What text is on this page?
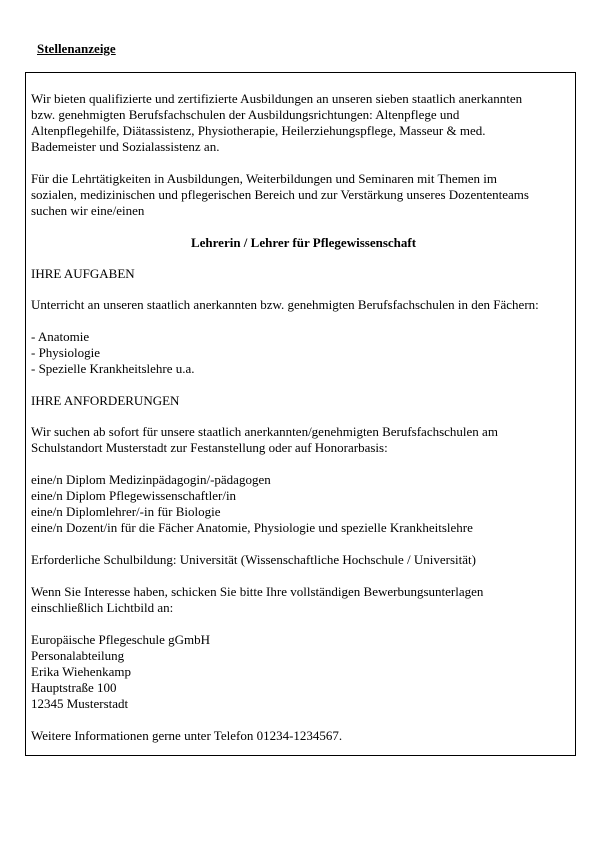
Stellenanzeige
Wir bieten qualifizierte und zertifizierte Ausbildungen an unseren sieben staatlich anerkannten
bzw. genehmigten Berufsfachschulen der Ausbildungsrichtungen: Altenpflege und
Altenpflegehilfe, Diätassistenz, Physiotherapie, Heilerziehungspflege, Masseur & med.
Bademeister und Sozialassistenz an.
Für die Lehrtätigkeiten in Ausbildungen, Weiterbildungen und Seminaren mit Themen im
sozialen, medizinischen und pflegerischen Bereich und zur Verstärkung unseres Dozententeams
suchen wir eine/einen
Lehrerin / Lehrer für Pflegewissenschaft
IHRE AUFGABEN
Unterricht an unseren staatlich anerkannten bzw. genehmigten Berufsfachschulen in den Fächern:
- Anatomie
- Physiologie
- Spezielle Krankheitslehre u.a.
IHRE ANFORDERUNGEN
Wir suchen ab sofort für unsere staatlich anerkannten/genehmigten Berufsfachschulen am
Schulstandort Musterstadt zur Festanstellung oder auf Honorarbasis:
eine/n Diplom Medizinpädagogin/-pädagogen
eine/n Diplom Pflegewissenschaftler/in
eine/n Diplomlehrer/-in für Biologie
eine/n Dozent/in für die Fächer Anatomie, Physiologie und spezielle Krankheitslehre
Erforderliche Schulbildung: Universität (Wissenschaftliche Hochschule / Universität)
Wenn Sie Interesse haben, schicken Sie bitte Ihre vollständigen Bewerbungsunterlagen
einschließlich Lichtbild an:
Europäische Pflegeschule gGmbH
Personalabteilung
Erika Wiehenkamp
Hauptstraße 100
12345 Musterstadt
Weitere Informationen gerne unter Telefon 01234-1234567.
